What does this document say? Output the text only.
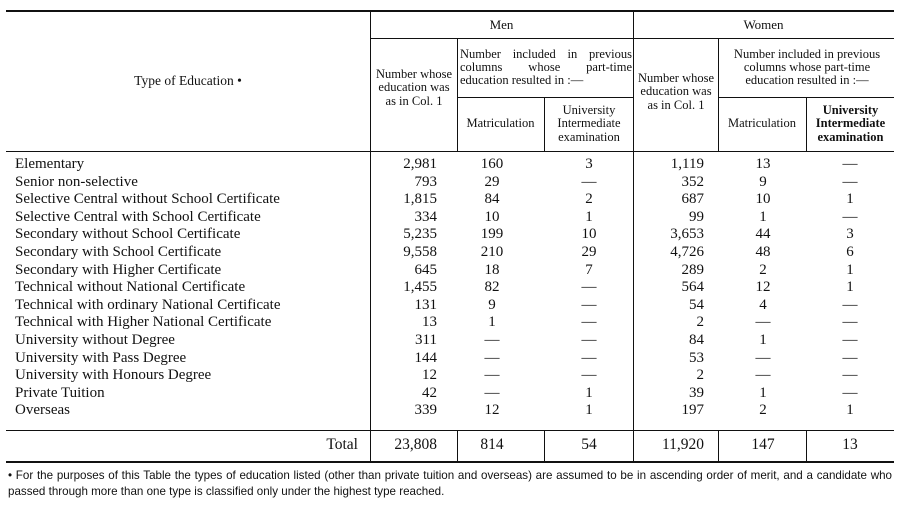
Type of Education •
Men	Women
Number whose education was as in Col. 1
Number included in previous columns whose part-time education resulted in :—
Matriculation
University Intermediate examination
Number whose education was as in Col. 1
Number included in previous columns whose part-time education resulted in :—
Matriculation
University Intermediate examination
Elementary	2,981	160	3	1,119	13	—
Senior non-selective	793	29	—	352	9	—
Selective Central without School Certificate	1,815	84	2	687	10	1
Selective Central with School Certificate	334	10	1	99	1	—
Secondary without School Certificate	5,235	199	10	3,653	44	3
Secondary with School Certificate	9,558	210	29	4,726	48	6
Secondary with Higher Certificate	645	18	7	289	2	1
Technical without National Certificate	1,455	82	—	564	12	1
Technical with ordinary National Certificate	131	9	—	54	4	—
Technical with Higher National Certificate	13	1	—	2	—	—
University without Degree	311	—	—	84	1	—
University with Pass Degree	144	—	—	53	—	—
University with Honours Degree	12	—	—	2	—	—
Private Tuition	42	—	1	39	1	—
Overseas	339	12	1	197	2	1
Total	23,808	814	54	11,920	147	13
• For the purposes of this Table the types of education listed (other than private tuition and overseas) are assumed to be in ascending order of merit, and a candidate who passed through more than one type is classified only under the highest type reached.
